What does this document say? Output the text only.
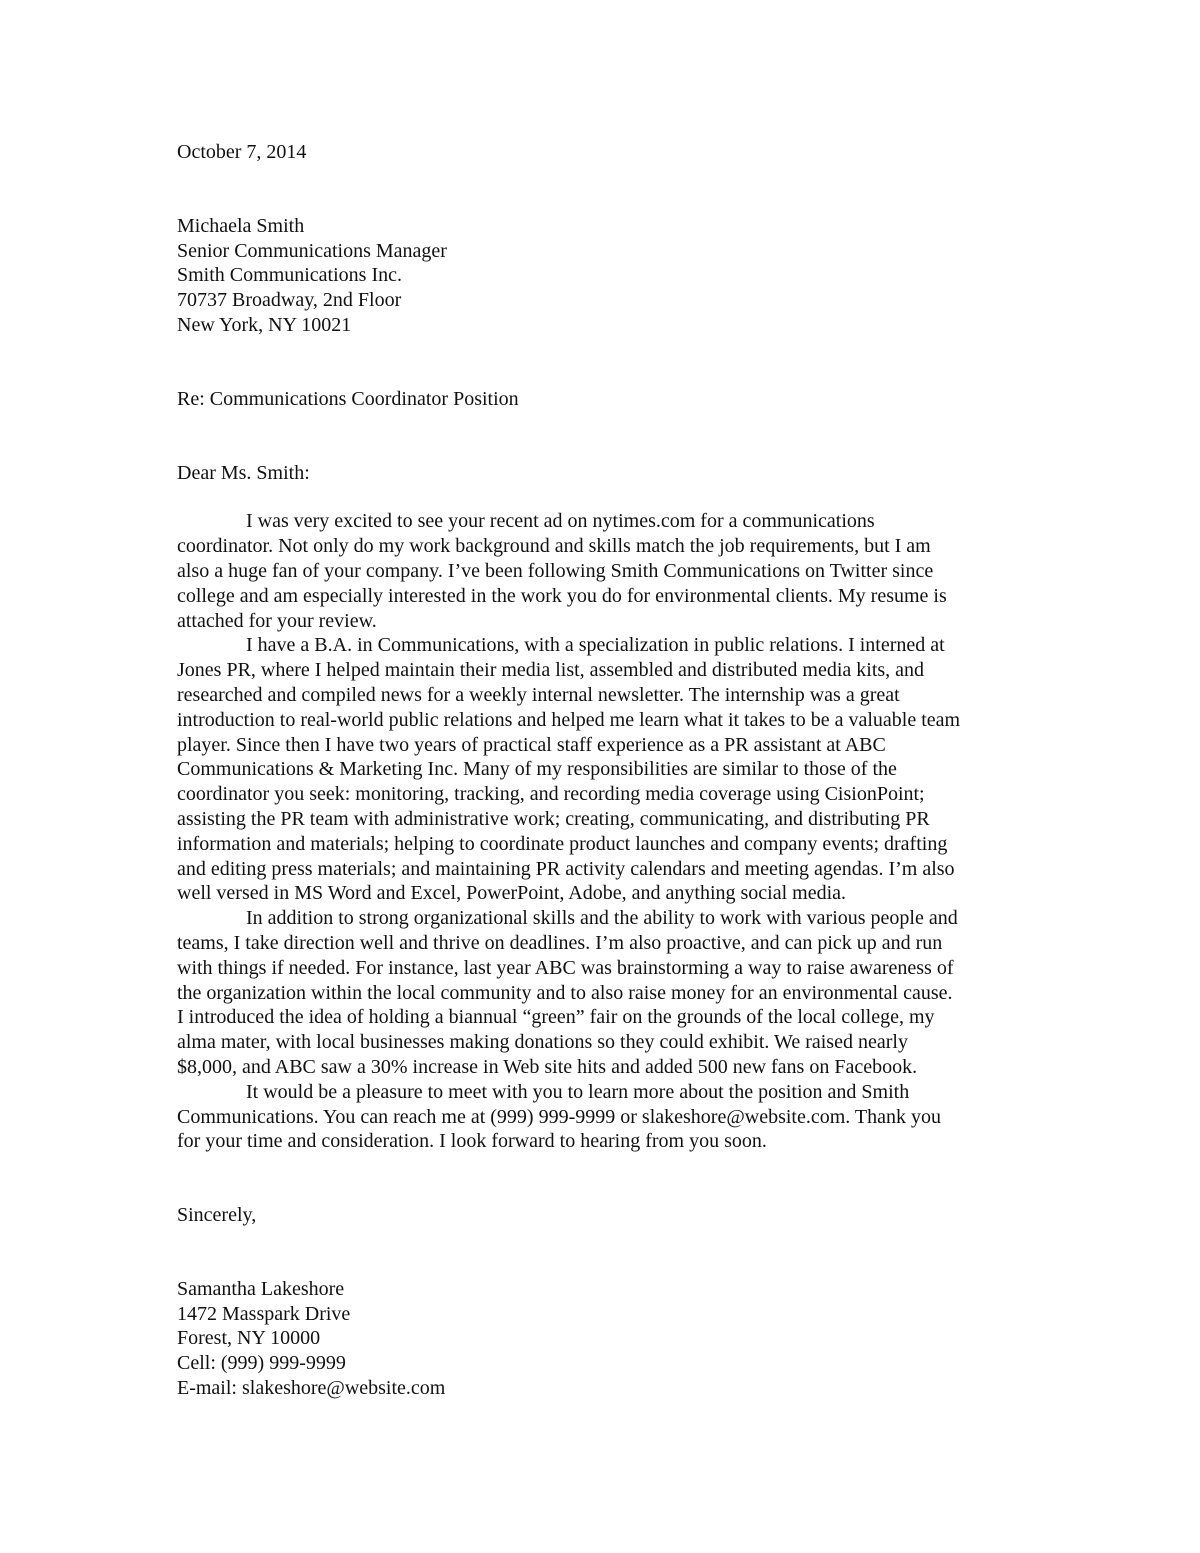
October 7, 2014
Michaela Smith
Senior Communications Manager
Smith Communications Inc.
70737 Broadway, 2nd Floor
New York, NY 10021
Re: Communications Coordinator Position
Dear Ms. Smith:
I was very excited to see your recent ad on nytimes.com for a communications
coordinator. Not only do my work background and skills match the job requirements, but I am
also a huge fan of your company. I’ve been following Smith Communications on Twitter since
college and am especially interested in the work you do for environmental clients. My resume is
attached for your review.
I have a B.A. in Communications, with a specialization in public relations. I interned at
Jones PR, where I helped maintain their media list, assembled and distributed media kits, and
researched and compiled news for a weekly internal newsletter. The internship was a great
introduction to real-world public relations and helped me learn what it takes to be a valuable team
player. Since then I have two years of practical staff experience as a PR assistant at ABC
Communications & Marketing Inc. Many of my responsibilities are similar to those of the
coordinator you seek: monitoring, tracking, and recording media coverage using CisionPoint;
assisting the PR team with administrative work; creating, communicating, and distributing PR
information and materials; helping to coordinate product launches and company events; drafting
and editing press materials; and maintaining PR activity calendars and meeting agendas. I’m also
well versed in MS Word and Excel, PowerPoint, Adobe, and anything social media.
In addition to strong organizational skills and the ability to work with various people and
teams, I take direction well and thrive on deadlines. I’m also proactive, and can pick up and run
with things if needed. For instance, last year ABC was brainstorming a way to raise awareness of
the organization within the local community and to also raise money for an environmental cause.
I introduced the idea of holding a biannual “green” fair on the grounds of the local college, my
alma mater, with local businesses making donations so they could exhibit. We raised nearly
$8,000, and ABC saw a 30% increase in Web site hits and added 500 new fans on Facebook.
It would be a pleasure to meet with you to learn more about the position and Smith
Communications. You can reach me at (999) 999-9999 or slakeshore@website.com. Thank you
for your time and consideration. I look forward to hearing from you soon.
Sincerely,
Samantha Lakeshore
1472 Masspark Drive
Forest, NY 10000
Cell: (999) 999-9999
E-mail: slakeshore@website.com
